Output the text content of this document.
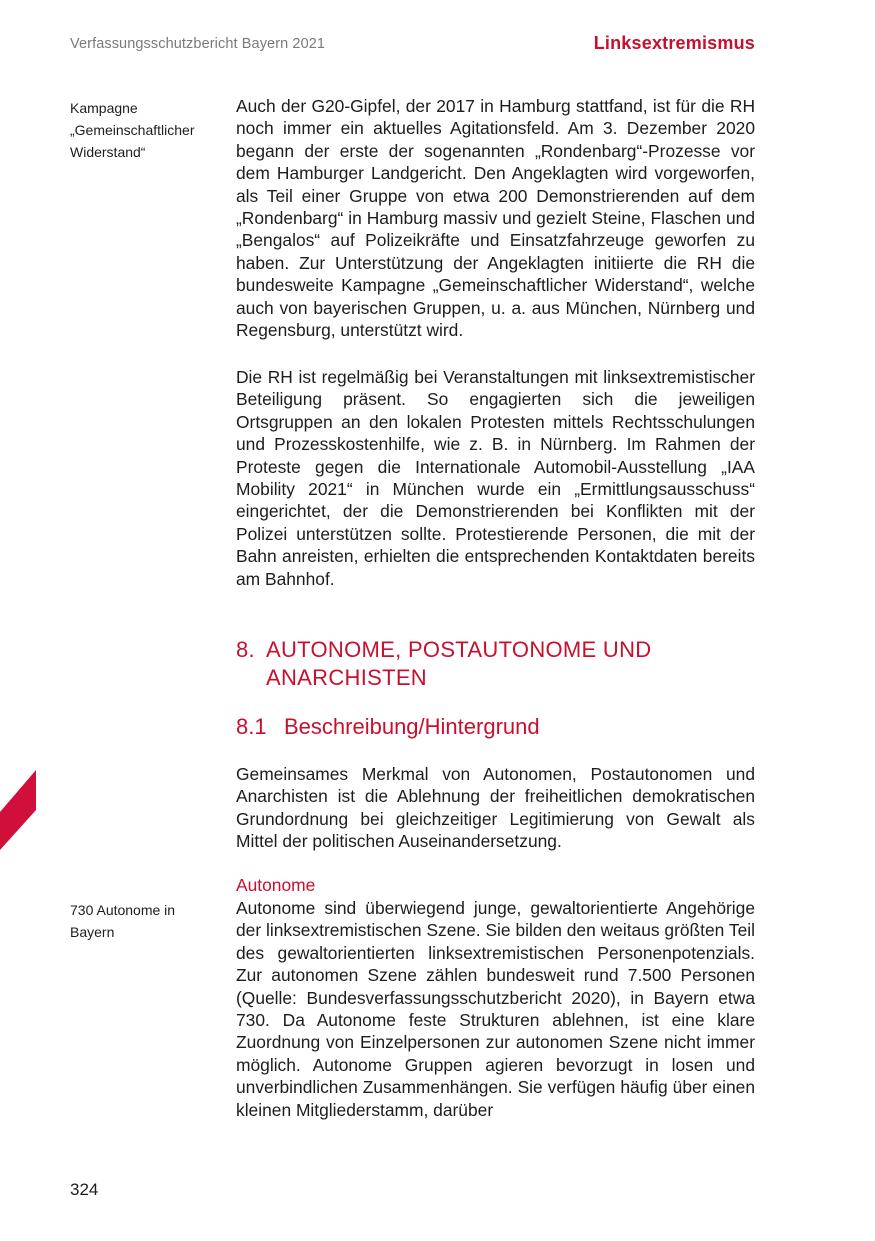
Verfassungsschutzbericht Bayern 2021	Linksextremismus
Kampagne
„Gemeinschaftlicher
Widerstand“
730 Autonome in
Bayern

Auch der G20-Gipfel, der 2017 in Hamburg stattfand, ist für die RH noch immer ein aktuelles Agitationsfeld. Am 3. Dezember 2020 begann der erste der sogenannten „Rondenbarg“-Prozesse vor dem Hamburger Landgericht. Den Angeklagten wird vorgeworfen, als Teil einer Gruppe von etwa 200 Demonstrierenden auf dem „Rondenbarg“ in Hamburg massiv und gezielt Steine, Flaschen und „Bengalos“ auf Polizeikräfte und Einsatzfahrzeuge geworfen zu haben. Zur Unterstützung der Angeklagten initiierte die RH die bundesweite Kampagne „Gemeinschaftlicher Widerstand“, welche auch von bayerischen Gruppen, u. a. aus München, Nürnberg und Regensburg, unterstützt wird.

Die RH ist regelmäßig bei Veranstaltungen mit linksextremistischer Beteiligung präsent. So engagierten sich die jeweiligen Ortsgruppen an den lokalen Protesten mittels Rechtsschulungen und Prozesskostenhilfe, wie z. B. in Nürnberg. Im Rahmen der Proteste gegen die Internationale Automobil-Ausstellung „IAA Mobility 2021“ in München wurde ein „Ermittlungsausschuss“ eingerichtet, der die Demonstrierenden bei Konflikten mit der Polizei unterstützen sollte. Protestierende Personen, die mit der Bahn anreisten, erhielten die entsprechenden Kontaktdaten bereits am Bahnhof.

8. AUTONOME, POSTAUTONOME UND
ANARCHISTEN
8.1 Beschreibung/Hintergrund

Gemeinsames Merkmal von Autonomen, Postautonomen und Anarchisten ist die Ablehnung der freiheitlichen demokratischen Grundordnung bei gleichzeitiger Legitimierung von Gewalt als Mittel der politischen Auseinandersetzung.

Autonome

Autonome sind überwiegend junge, gewaltorientierte Angehörige der linksextremistischen Szene. Sie bilden den weitaus größten Teil des gewaltorientierten linksextremistischen Personenpotenzials. Zur autonomen Szene zählen bundesweit rund 7.500 Personen (Quelle: Bundesverfassungsschutzbericht 2020), in Bayern etwa 730. Da Autonome feste Strukturen ablehnen, ist eine klare Zuordnung von Einzelpersonen zur autonomen Szene nicht immer möglich. Autonome Gruppen agieren bevorzugt in losen und unverbindlichen Zusammenhängen. Sie verfügen häufig über einen kleinen Mitgliederstamm, darüber

324
